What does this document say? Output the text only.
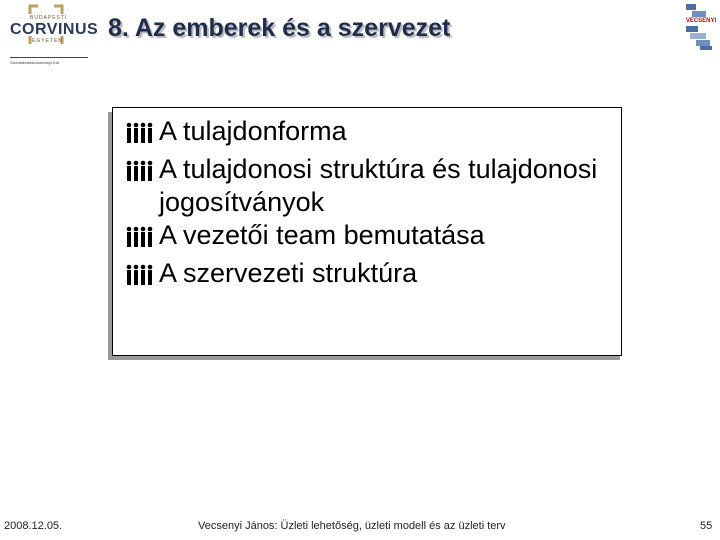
BUDAPESTI
CORVINUS
EGYETEM
Gazdálkodástudományi Kar
8. Az emberek és a szervezet	VECSENYI
A tulajdonforma
A tulajdonosi struktúra és tulajdonosi jogosítványok
A vezetői team bemutatása
A szervezeti struktúra
2008.12.05.	Vecsenyi János: Üzleti lehetőség, üzleti modell és az üzleti terv	55
